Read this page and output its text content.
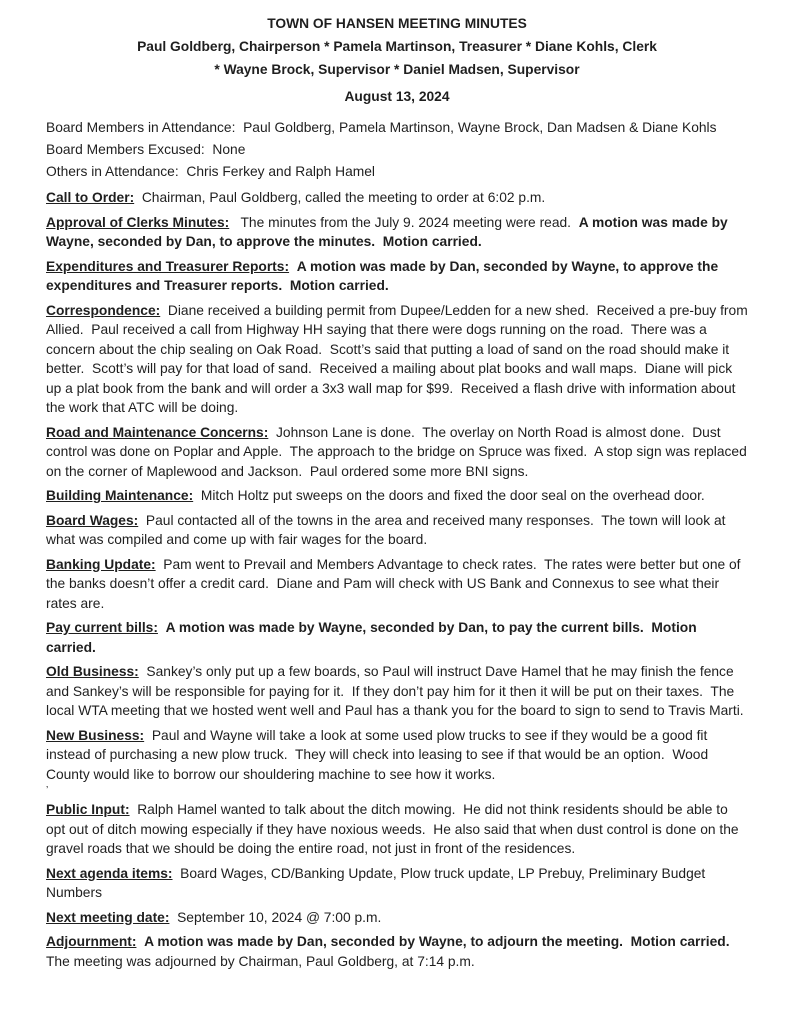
TOWN OF HANSEN MEETING MINUTES
Paul Goldberg, Chairperson * Pamela Martinson, Treasurer * Diane Kohls, Clerk
* Wayne Brock, Supervisor * Daniel Madsen, Supervisor
August 13, 2024
Board Members in Attendance:  Paul Goldberg, Pamela Martinson, Wayne Brock, Dan Madsen & Diane Kohls
Board Members Excused:  None
Others in Attendance:  Chris Ferkey and Ralph Hamel

Call to Order:  Chairman, Paul Goldberg, called the meeting to order at 6:02 p.m.

Approval of Clerks Minutes:   The minutes from the July 9. 2024 meeting were read.  A motion was made by Wayne, seconded by Dan, to approve the minutes.  Motion carried.

Expenditures and Treasurer Reports: A motion was made by Dan, seconded by Wayne, to approve the expenditures and Treasurer reports.  Motion carried.

Correspondence:  Diane received a building permit from Dupee/Ledden for a new shed.  Received a pre-buy from Allied.  Paul received a call from Highway HH saying that there were dogs running on the road.  There was a concern about the chip sealing on Oak Road.  Scott’s said that putting a load of sand on the road should make it better.  Scott’s will pay for that load of sand.  Received a mailing about plat books and wall maps.  Diane will pick up a plat book from the bank and will order a 3x3 wall map for $99.  Received a flash drive with information about the work that ATC will be doing.

Road and Maintenance Concerns:  Johnson Lane is done.  The overlay on North Road is almost done.  Dust control was done on Poplar and Apple.  The approach to the bridge on Spruce was fixed.  A stop sign was replaced on the corner of Maplewood and Jackson.  Paul ordered some more BNI signs.

Building Maintenance:  Mitch Holtz put sweeps on the doors and fixed the door seal on the overhead door.

Board Wages:  Paul contacted all of the towns in the area and received many responses.  The town will look at what was compiled and come up with fair wages for the board.

Banking Update:  Pam went to Prevail and Members Advantage to check rates.  The rates were better but one of the banks doesn’t offer a credit card.  Diane and Pam will check with US Bank and Connexus to see what their rates are.

Pay current bills: A motion was made by Wayne, seconded by Dan, to pay the current bills.  Motion carried.

Old Business:  Sankey’s only put up a few boards, so Paul will instruct Dave Hamel that he may finish the fence and Sankey’s will be responsible for paying for it.  If they don’t pay him for it then it will be put on their taxes.  The local WTA meeting that we hosted went well and Paul has a thank you for the board to sign to send to Travis Marti.

New Business:  Paul and Wayne will take a look at some used plow trucks to see if they would be a good fit instead of purchasing a new plow truck.  They will check into leasing to see if that would be an option.  Wood County would like to borrow our shouldering machine to see how it works.

’

Public Input:  Ralph Hamel wanted to talk about the ditch mowing.  He did not think residents should be able to opt out of ditch mowing especially if they have noxious weeds.  He also said that when dust control is done on the gravel roads that we should be doing the entire road, not just in front of the residences.

Next agenda items:  Board Wages, CD/Banking Update, Plow truck update, LP Prebuy, Preliminary Budget Numbers

Next meeting date:  September 10, 2024 @ 7:00 p.m.

Adjournment: A motion was made by Dan, seconded by Wayne, to adjourn the meeting.  Motion carried.
The meeting was adjourned by Chairman, Paul Goldberg, at 7:14 p.m.
